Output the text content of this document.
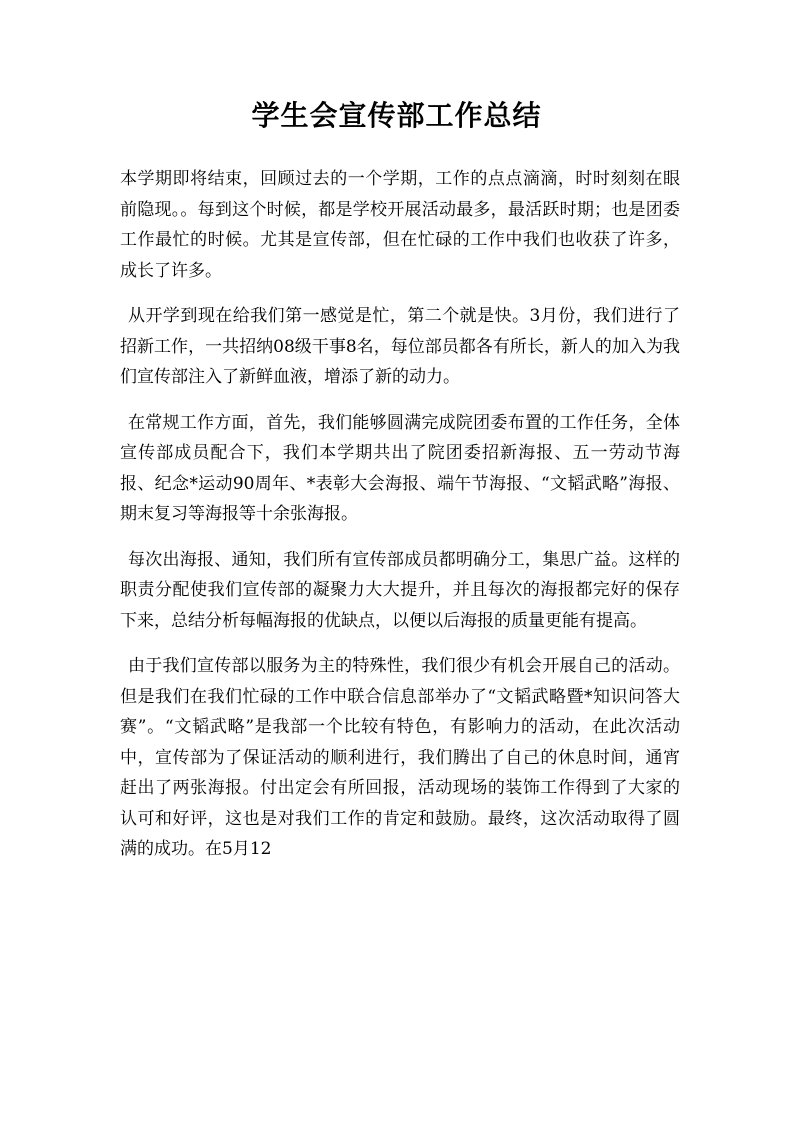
学生会宣传部工作总结

本学期即将结束，回顾过去的一个学期，工作的点点滴滴，时时刻刻在眼前隐现。。每到这个时候，都是学校开展活动最多，最活跃时期；也是团委工作最忙的时候。尤其是宣传部，但在忙碌的工作中我们也收获了许多，成长了许多。

从开学到现在给我们第一感觉是忙，第二个就是快。3月份，我们进行了招新工作，一共招纳08级干事8名，每位部员都各有所长，新人的加入为我们宣传部注入了新鲜血液，增添了新的动力。

在常规工作方面，首先，我们能够圆满完成院团委布置的工作任务，全体宣传部成员配合下，我们本学期共出了院团委招新海报、五一劳动节海报、纪念*运动90周年、*表彰大会海报、端午节海报、“文韬武略”海报、期末复习等海报等十余张海报。

每次出海报、通知，我们所有宣传部成员都明确分工，集思广益。这样的职责分配使我们宣传部的凝聚力大大提升，并且每次的海报都完好的保存下来，总结分析每幅海报的优缺点，以便以后海报的质量更能有提高。

由于我们宣传部以服务为主的特殊性，我们很少有机会开展自己的活动。但是我们在我们忙碌的工作中联合信息部举办了“文韬武略暨*知识问答大赛”。“文韬武略”是我部一个比较有特色，有影响力的活动，在此次活动中，宣传部为了保证活动的顺利进行，我们腾出了自己的休息时间，通宵赶出了两张海报。付出定会有所回报，活动现场的装饰工作得到了大家的认可和好评，这也是对我们工作的肯定和鼓励。最终，这次活动取得了圆满的成功。在5月12
